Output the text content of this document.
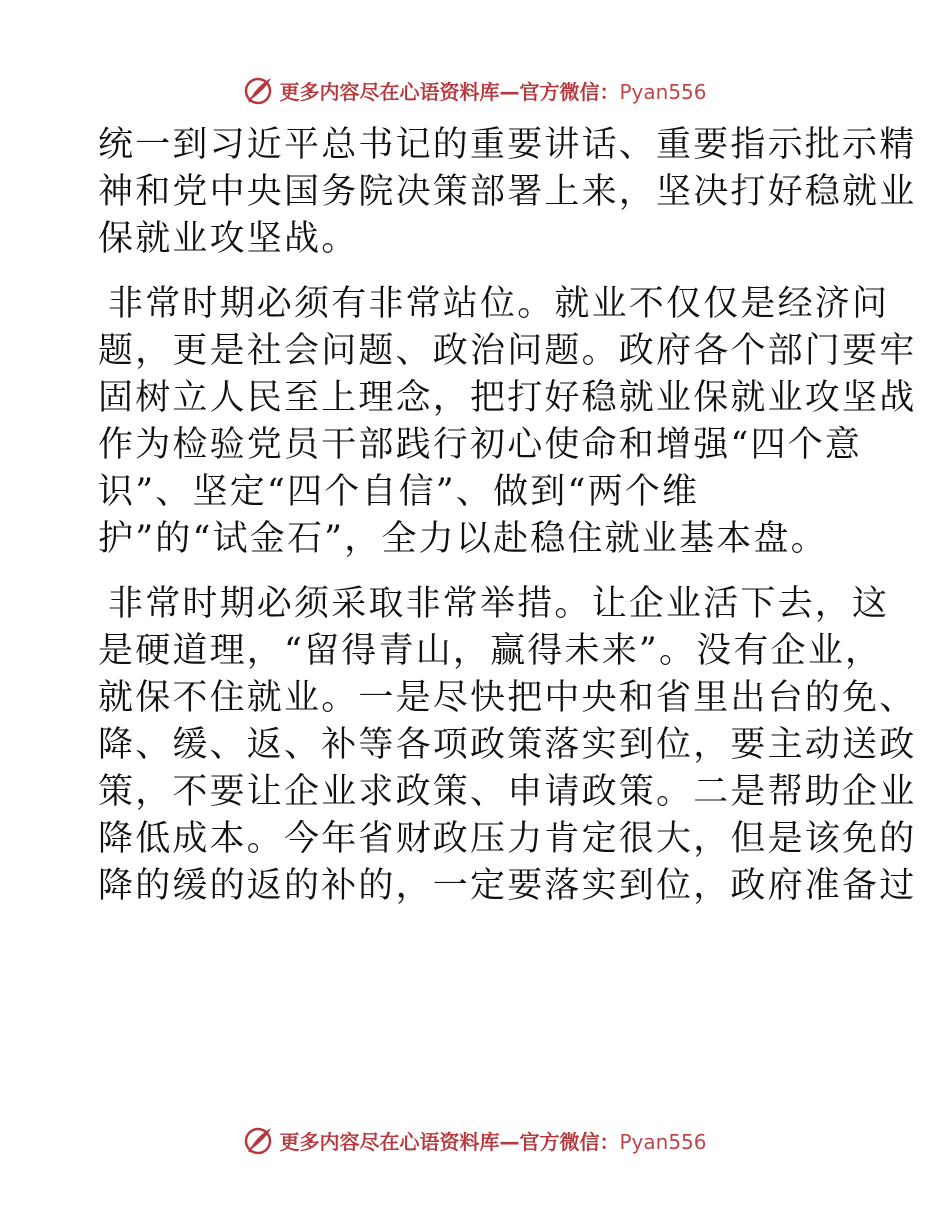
更多内容尽在心语资料库—官方微信：Pyan556
统一到习近平总书记的重要讲话、重要指示批示精
神和党中央国务院决策部署上来，坚决打好稳就业
保就业攻坚战。
非常时期必须有非常站位。就业不仅仅是经济问
题，更是社会问题、政治问题。政府各个部门要牢
固树立人民至上理念，把打好稳就业保就业攻坚战
作为检验党员干部践行初心使命和增强“四个意
识”、坚定“四个自信”、做到“两个维
护”的“试金石”，全力以赴稳住就业基本盘。
非常时期必须采取非常举措。让企业活下去，这
是硬道理，“留得青山，赢得未来”。没有企业，
就保不住就业。一是尽快把中央和省里出台的免、
降、缓、返、补等各项政策落实到位，要主动送政
策，不要让企业求政策、申请政策。二是帮助企业
降低成本。今年省财政压力肯定很大，但是该免的
降的缓的返的补的，一定要落实到位，政府准备过
更多内容尽在心语资料库—官方微信：Pyan556
